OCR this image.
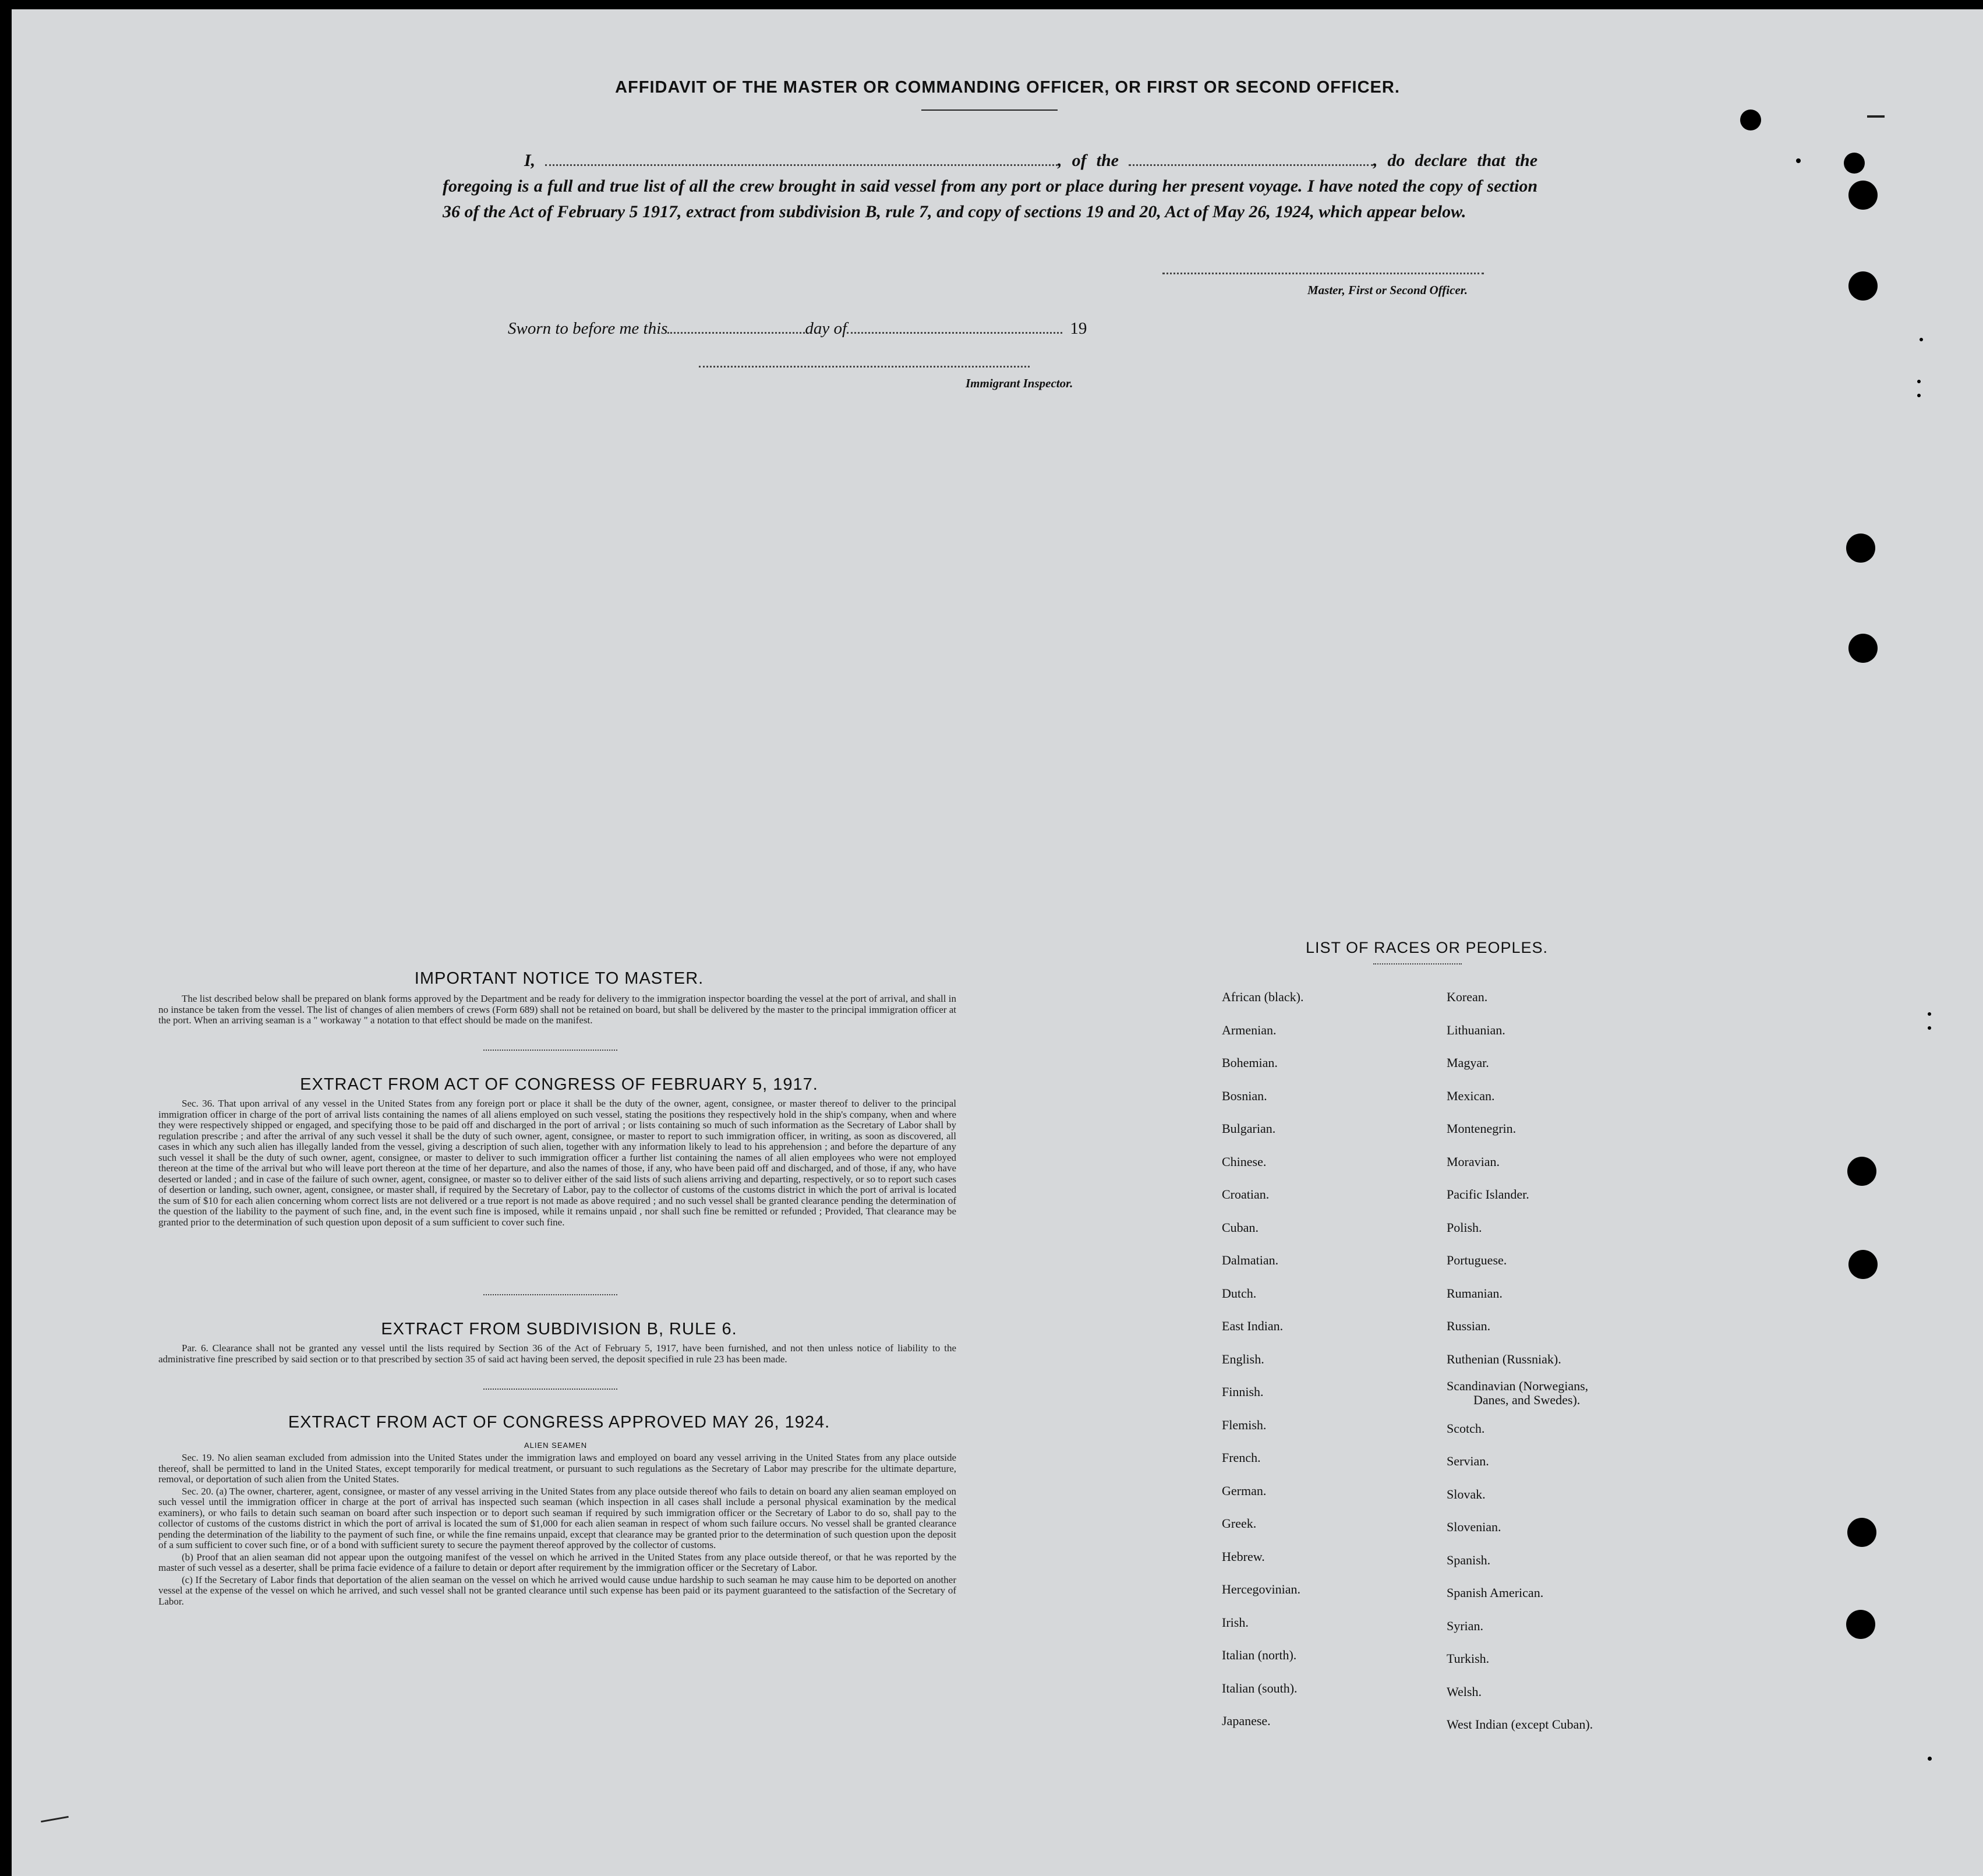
AFFIDAVIT OF THE MASTER OR COMMANDING OFFICER, OR FIRST OR SECOND OFFICER.
I,	, of the	, do declare that the foregoing is a full and true list of all the crew brought in said vessel from any port or place during her present voyage. I have noted the copy of section 36 of the Act of February 5 1917, extract from subdivision B, rule 7, and copy of sections 19 and 20, Act of May 26, 1924, which appear below.
Master, First or Second Officer.
Sworn to before me this	day of	19
Immigrant Inspector.
IMPORTANT NOTICE TO MASTER.

The list described below shall be prepared on blank forms approved by the Department and be ready for delivery to the immigration inspector boarding the vessel at the port of arrival, and shall in no instance be taken from the vessel. The list of changes of alien members of crews (Form 689) shall not be retained on board, but shall be delivered by the master to the principal immigration officer at the port. When an arriving seaman is a " workaway " a notation to that effect should be made on the manifest.

EXTRACT FROM ACT OF CONGRESS OF FEBRUARY 5, 1917.

Sec. 36. That upon arrival of any vessel in the United States from any foreign port or place it shall be the duty of the owner, agent, consignee, or master thereof to deliver to the principal immigration officer in charge of the port of arrival lists containing the names of all aliens employed on such vessel, stating the positions they respectively hold in the ship's company, when and where they were respectively shipped or engaged, and specifying those to be paid off and discharged in the port of arrival ; or lists containing so much of such information as the Secretary of Labor shall by regulation prescribe ; and after the arrival of any such vessel it shall be the duty of such owner, agent, consignee, or master to report to such immigration officer, in writing, as soon as discovered, all cases in which any such alien has illegally landed from the vessel, giving a description of such alien, together with any information likely to lead to his apprehension ; and before the departure of any such vessel it shall be the duty of such owner, agent, consignee, or master to deliver to such immigration officer a further list containing the names of all alien employees who were not employed thereon at the time of the arrival but who will leave port thereon at the time of her departure, and also the names of those, if any, who have been paid off and discharged, and of those, if any, who have deserted or landed ; and in case of the failure of such owner, agent, consignee, or master so to deliver either of the said lists of such aliens arriving and departing, respectively, or so to report such cases of desertion or landing, such owner, agent, consignee, or master shall, if required by the Secretary of Labor, pay to the collector of customs of the customs district in which the port of arrival is located the sum of $10 for each alien concerning whom correct lists are not delivered or a true report is not made as above required ; and no such vessel shall be granted clearance pending the determination of the question of the liability to the payment of such fine, and, in the event such fine is imposed, while it remains unpaid , nor shall such fine be remitted or refunded ; Provided, That clearance may be granted prior to the determination of such question upon deposit of a sum sufficient to cover such fine.

EXTRACT FROM SUBDIVISION B, RULE 6.

Par. 6. Clearance shall not be granted any vessel until the lists required by Section 36 of the Act of February 5, 1917, have been furnished, and not then unless notice of liability to the administrative fine prescribed by said section or to that prescribed by section 35 of said act having been served, the deposit specified in rule 23 has been made.

EXTRACT FROM ACT OF CONGRESS APPROVED MAY 26, 1924.
ALIEN SEAMEN

Sec. 19. No alien seaman excluded from admission into the United States under the immigration laws and employed on board any vessel arriving in the United States from any place outside thereof, shall be permitted to land in the United States, except temporarily for medical treatment, or pursuant to such regulations as the Secretary of Labor may prescribe for the ultimate departure, removal, or deportation of such alien from the United States.

Sec. 20. (a) The owner, charterer, agent, consignee, or master of any vessel arriving in the United States from any place outside thereof who fails to detain on board any alien seaman employed on such vessel until the immigration officer in charge at the port of arrival has inspected such seaman (which inspection in all cases shall include a personal physical examination by the medical examiners), or who fails to detain such seaman on board after such inspection or to deport such seaman if required by such immigration officer or the Secretary of Labor to do so, shall pay to the collector of customs of the customs district in which the port of arrival is located the sum of $1,000 for each alien seaman in respect of whom such failure occurs. No vessel shall be granted clearance pending the determination of the liability to the payment of such fine, or while the fine remains unpaid, except that clearance may be granted prior to the determination of such question upon the deposit of a sum sufficient to cover such fine, or of a bond with sufficient surety to secure the payment thereof approved by the collector of customs.

(b) Proof that an alien seaman did not appear upon the outgoing manifest of the vessel on which he arrived in the United States from any place outside thereof, or that he was reported by the master of such vessel as a deserter, shall be prima facie evidence of a failure to detain or deport after requirement by the immigration officer or the Secretary of Labor.

(c) If the Secretary of Labor finds that deportation of the alien seaman on the vessel on which he arrived would cause undue hardship to such seaman he may cause him to be deported on another vessel at the expense of the vessel on which he arrived, and such vessel shall not be granted clearance until such expense has been paid or its payment guaranteed to the satisfaction of the Secretary of Labor.

LIST OF RACES OR PEOPLES.
African (black).
Armenian.
Bohemian.
Bosnian.
Bulgarian.
Chinese.
Croatian.
Cuban.
Dalmatian.
Dutch.
East Indian.
English.
Finnish.
Flemish.
French.
German.
Greek.
Hebrew.
Hercegovinian.
Irish.
Italian (north).
Italian (south).
Japanese.
Korean.
Lithuanian.
Magyar.
Mexican.
Montenegrin.
Moravian.
Pacific Islander.
Polish.
Portuguese.
Rumanian.
Russian.
Ruthenian (Russniak).
Scandinavian (Norwegians,
Danes, and Swedes).
Scotch.
Servian.
Slovak.
Slovenian.
Spanish.
Spanish American.
Syrian.
Turkish.
Welsh.
West Indian (except Cuban).
